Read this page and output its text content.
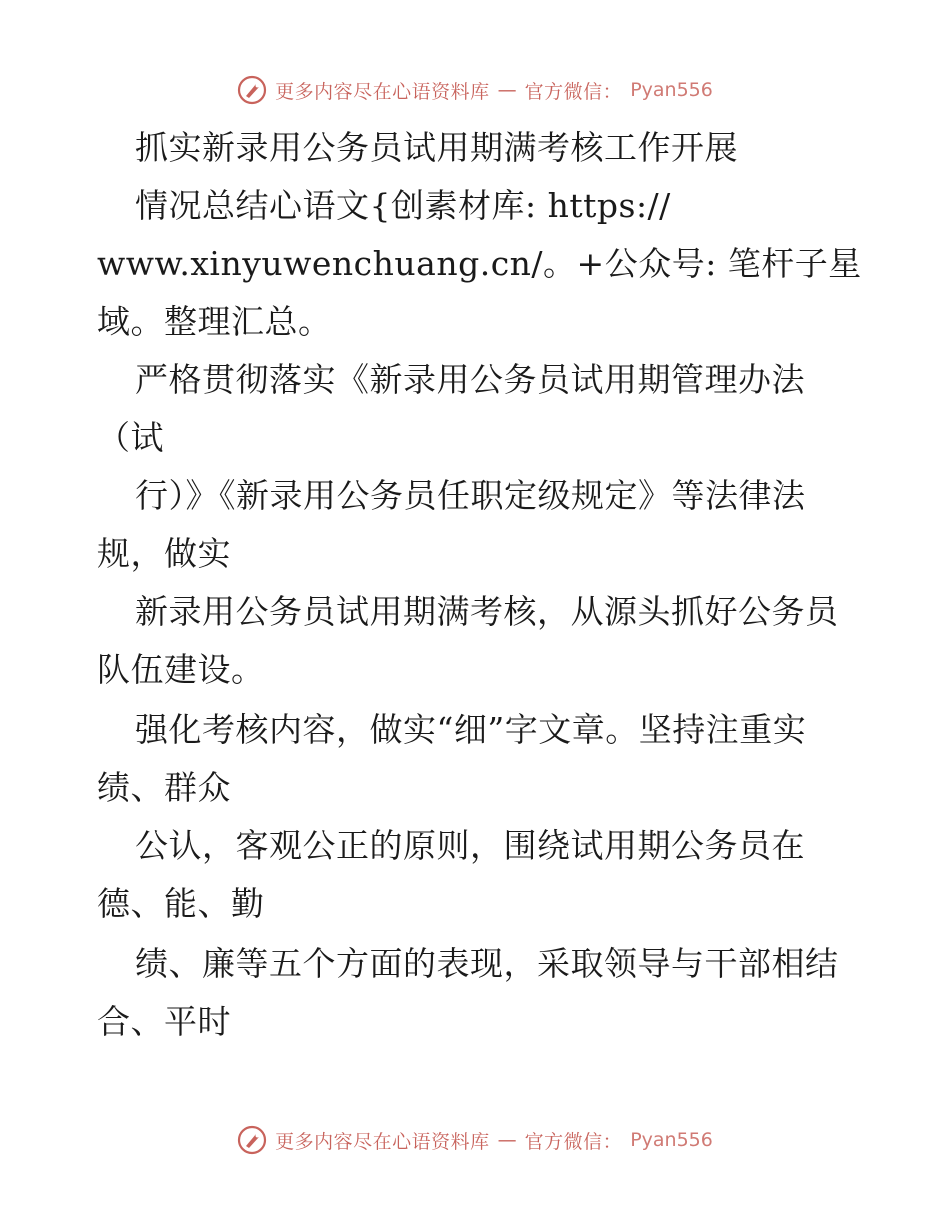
更多内容尽在心语资料库 — 官方微信： Pyan556
抓实新录用公务员试用期满考核工作开展
情况总结心语文{创素材库: https://
www.xinyuwenchuang.cn/。+公众号: 笔杆子星
域。整理汇总。
严格贯彻落实《新录用公务员试用期管理办法
（试
行）》《新录用公务员任职定级规定》等法律法
规，做实
新录用公务员试用期满考核，从源头抓好公务员
队伍建设。
强化考核内容，做实“细”字文章。坚持注重实
绩、群众
公认，客观公正的原则，围绕试用期公务员在
德、能、勤
绩、廉等五个方面的表现，采取领导与干部相结
合、平时
更多内容尽在心语资料库 — 官方微信： Pyan556
